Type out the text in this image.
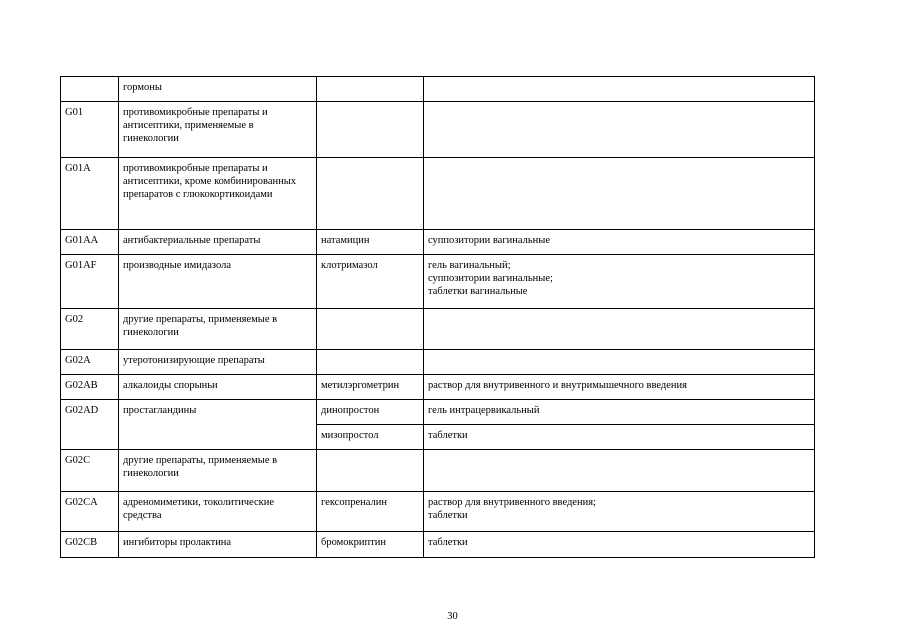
	гормоны		
G01	противомикробные препараты и антисептики, применяемые в гинекологии		
G01A	противомикробные препараты и антисептики, кроме комбинированных препаратов с глюкокортикоидами		
G01AA	антибактериальные препараты	натамицин	суппозитории вагинальные
G01AF	производные имидазола	клотримазол	гель вагинальный;
суппозитории вагинальные;
таблетки вагинальные
G02	другие препараты, применяемые в гинекологии		
G02A	утеротонизирующие препараты		
G02AB	алкалоиды спорыньи	метилэргометрин	раствор для внутривенного и внутримышечного введения
G02AD	простагландины	динопростон	гель интрацервикальный
		мизопростол	таблетки
G02C	другие препараты, применяемые в гинекологии		
G02CA	адреномиметики, токолитические средства	гексопреналин	раствор для внутривенного введения;
таблетки
G02CB	ингибиторы пролактина	бромокриптин	таблетки
30
